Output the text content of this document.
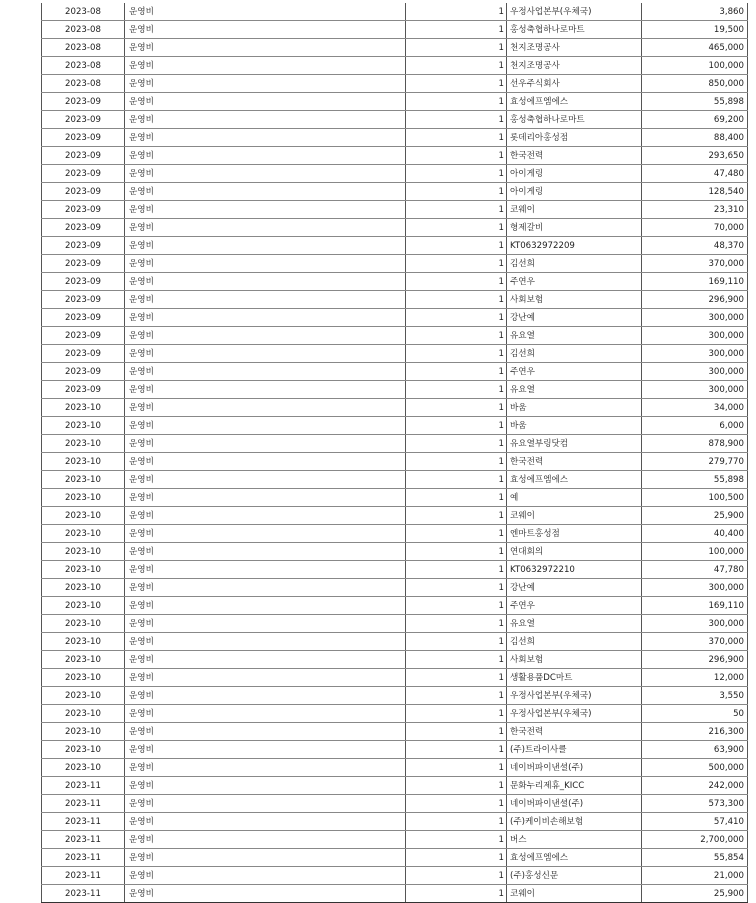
2023-08	운영비	1	우정사업본부(우체국)	3,860
2023-08	운영비	1	홍성축협하나로마트	19,500
2023-08	운영비	1	천지조명공사	465,000
2023-08	운영비	1	천지조명공사	100,000
2023-08	운영비	1	선우주식회사	850,000
2023-09	운영비	1	효성에프엠에스	55,898
2023-09	운영비	1	홍성축협하나로마트	69,200
2023-09	운영비	1	롯데리아홍성점	88,400
2023-09	운영비	1	한국전력	293,650
2023-09	운영비	1	아이게링	47,480
2023-09	운영비	1	아이게링	128,540
2023-09	운영비	1	코웨이	23,310
2023-09	운영비	1	형제갈비	70,000
2023-09	운영비	1	KT0632972209	48,370
2023-09	운영비	1	김선희	370,000
2023-09	운영비	1	주연우	169,110
2023-09	운영비	1	사회보험	296,900
2023-09	운영비	1	강난예	300,000
2023-09	운영비	1	유요열	300,000
2023-09	운영비	1	김선희	300,000
2023-09	운영비	1	주연우	300,000
2023-09	운영비	1	유요열	300,000
2023-10	운영비	1	바움	34,000
2023-10	운영비	1	바움	6,000
2023-10	운영비	1	유요열부링닷컴	878,900
2023-10	운영비	1	한국전력	279,770
2023-10	운영비	1	효성에프엠에스	55,898
2023-10	운영비	1	예	100,500
2023-10	운영비	1	코웨이	25,900
2023-10	운영비	1	엔마트홍성점	40,400
2023-10	운영비	1	연대회의	100,000
2023-10	운영비	1	KT0632972210	47,780
2023-10	운영비	1	강난예	300,000
2023-10	운영비	1	주연우	169,110
2023-10	운영비	1	유요열	300,000
2023-10	운영비	1	김선희	370,000
2023-10	운영비	1	사회보험	296,900
2023-10	운영비	1	생활용품DC마트	12,000
2023-10	운영비	1	우정사업본부(우체국)	3,550
2023-10	운영비	1	우정사업본부(우체국)	50
2023-10	운영비	1	한국전력	216,300
2023-10	운영비	1	(주)트라이사클	63,900
2023-10	운영비	1	네이버파이낸셜(주)	500,000
2023-11	운영비	1	문화누리제휴_KICC	242,000
2023-11	운영비	1	네이버파이낸셜(주)	573,300
2023-11	운영비	1	(주)케이비손해보험	57,410
2023-11	운영비	1	버스	2,700,000
2023-11	운영비	1	효성에프엠에스	55,854
2023-11	운영비	1	(주)홍성신문	21,000
2023-11	운영비	1	코웨이	25,900
